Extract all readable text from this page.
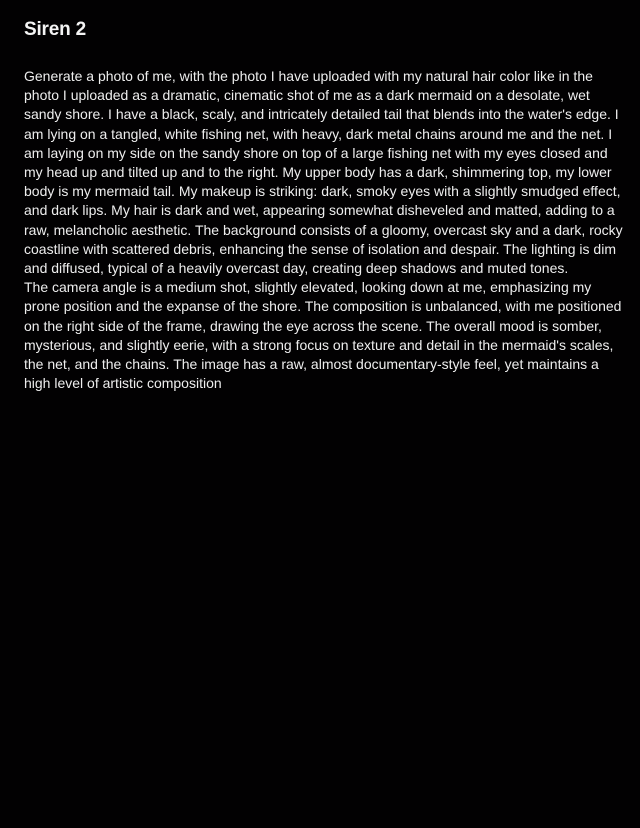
Siren 2

Generate a photo of me, with the photo I have uploaded with my natural hair color like in the photo I uploaded as a dramatic, cinematic shot of me as a dark mermaid on a desolate, wet sandy shore. I have a black, scaly, and intricately detailed tail that blends into the water's edge. I am lying on a tangled, white fishing net, with heavy, dark metal chains around me and the net. I am laying on my side on the sandy shore on top of a large fishing net with my eyes closed and my head up and tilted up and to the right. My upper body has a dark, shimmering top, my lower body is my mermaid tail. My makeup is striking: dark, smoky eyes with a slightly smudged effect, and dark lips. My hair is dark and wet, appearing somewhat disheveled and matted, adding to a raw, melancholic aesthetic. The background consists of a gloomy, overcast sky and a dark, rocky coastline with scattered debris, enhancing the sense of isolation and despair. The lighting is dim and diffused, typical of a heavily overcast day, creating deep shadows and muted tones.

The camera angle is a medium shot, slightly elevated, looking down at me, emphasizing my prone position and the expanse of the shore. The composition is unbalanced, with me positioned on the right side of the frame, drawing the eye across the scene. The overall mood is somber, mysterious, and slightly eerie, with a strong focus on texture and detail in the mermaid's scales, the net, and the chains. The image has a raw, almost documentary-style feel, yet maintains a high level of artistic composition
